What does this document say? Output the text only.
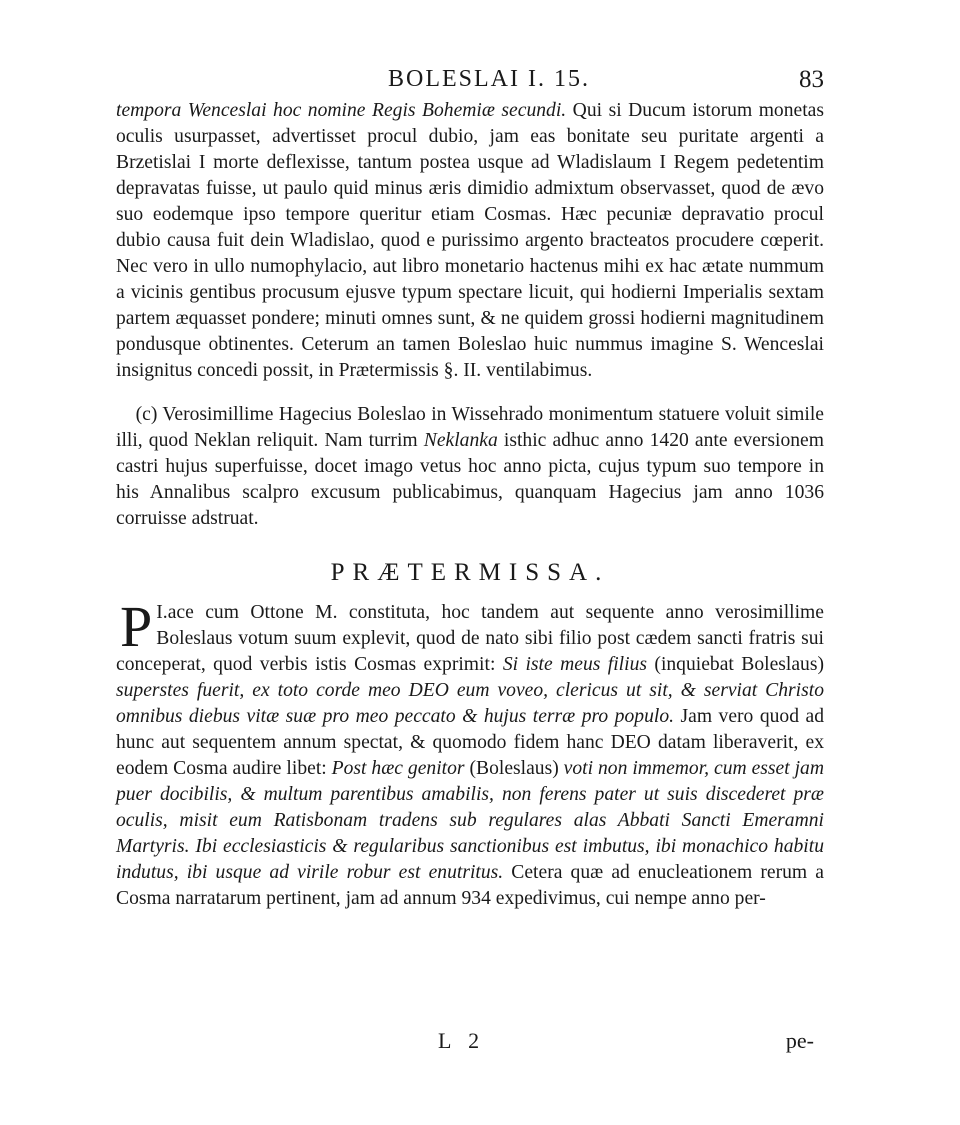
BOLESLAI I. 15.	83

tempora Wenceslai hoc nomine Regis Bohemiæ secundi. Qui si Ducum istorum monetas oculis usurpasset, advertisset procul dubio, jam eas bonitate seu puritate argenti a Brzetislai I morte deflexisse, tantum postea usque ad Wladislaum I Regem pedetentim depravatas fuisse, ut paulo quid minus æris dimidio admixtum observasset, quod de ævo suo eodemque ipso tempore queritur etiam Cosmas. Hæc pecuniæ depravatio procul dubio causa fuit dein Wladislao, quod e purissimo argento bracteatos procudere cœperit. Nec vero in ullo numophylacio, aut libro monetario hactenus mihi ex hac ætate nummum a vicinis gentibus procusum ejusve typum spectare licuit, qui hodierni Imperialis sextam partem æquasset pondere; minuti omnes sunt, & ne quidem grossi hodierni magnitudinem pondusque obtinentes. Ceterum an tamen Boleslao huic nummus imagine S. Wenceslai insignitus concedi possit, in Prætermissis §. II. ventilabimus.

 (c) Verosimillime Hagecius Boleslao in Wissehrado monimentum statuere voluit simile illi, quod Neklan reliquit. Nam turrim Neklanka isthic adhuc anno 1420 ante eversionem castri hujus superfuisse, docet imago vetus hoc anno picta, cujus typum suo tempore in his Annalibus scalpro excusum publicabimus, quanquam Hagecius jam anno 1036 corruisse adstruat.

PRÆTERMISSA.

I.
P ace cum Ottone M. constituta, hoc tandem aut sequente anno verosimillime Boleslaus votum suum explevit, quod de nato sibi filio post cædem sancti fratris sui conceperat, quod verbis istis Cosmas exprimit: Si iste meus filius (inquiebat Boleslaus) superstes fuerit, ex toto corde meo DEO eum voveo, clericus ut sit, & serviat Christo omnibus diebus vitæ suæ pro meo peccato & hujus terræ pro populo. Jam vero quod ad hunc aut sequentem annum spectat, & quomodo fidem hanc DEO datam liberaverit, ex eodem Cosma audire libet: Post hæc genitor (Boleslaus) voti non immemor, cum esset jam puer docibilis, & multum parentibus amabilis, non ferens pater ut suis discederet præ oculis, misit eum Ratisbonam tradens sub regulares alas Abbati Sancti Emeramni Martyris. Ibi ecclesiasticis & regularibus sanctionibus est imbutus, ibi monachico habitu indutus, ibi usque ad virile robur est enutritus. Cetera quæ ad enucleationem rerum a Cosma narratarum pertinent, jam ad annum 934 expedivimus, cui nempe anno per-

L 2	pe-
